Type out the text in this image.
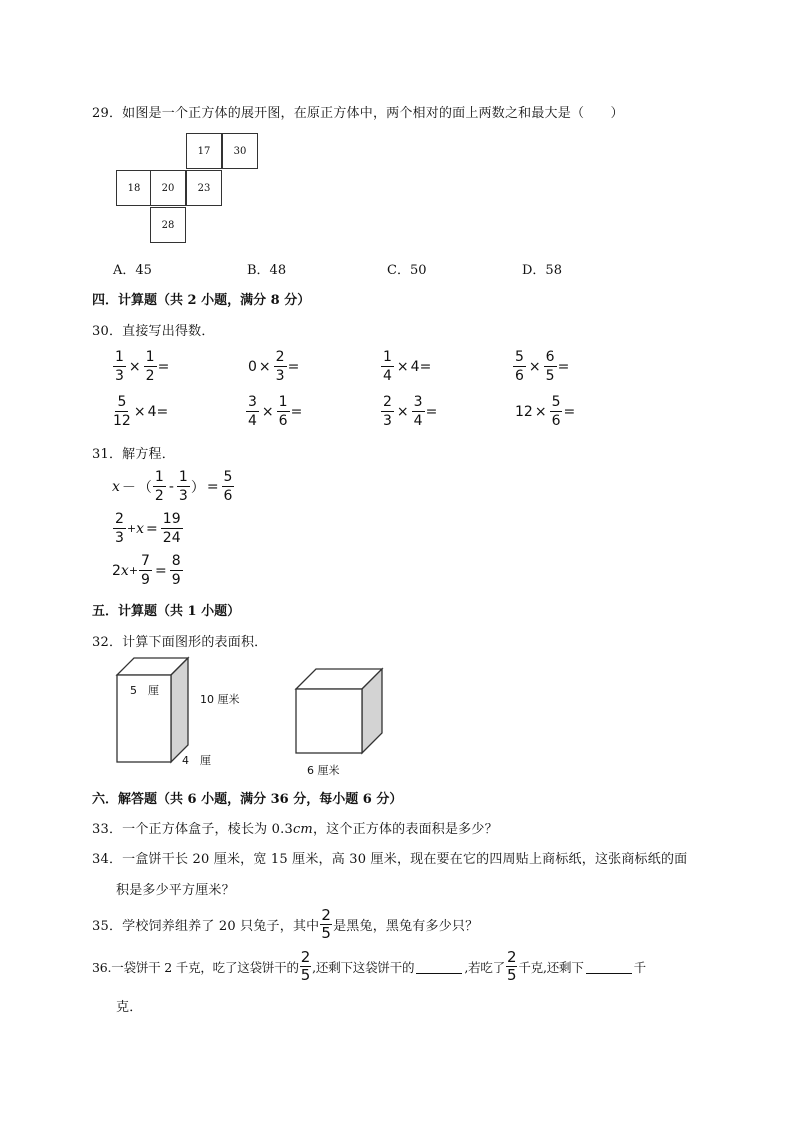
29．如图是一个正方体的展开图，在原正方体中，两个相对的面上两数之和最大是（　　）
17	30
18	20	23
28
A．45	B．48	C．50	D．58
四．计算题（共 2 小题，满分 8 分）
30．直接写出得数．
$\frac{1}{3} \times \frac{1}{2}$ =	$0 \times \frac{2}{3}$ =	$\frac{1}{4} \times 4$ =	$\frac{5}{6} \times \frac{6}{5}$ =
$\frac{5}{12} \times 4$ =	$\frac{3}{4} \times \frac{1}{6}$ =	$\frac{2}{3} \times \frac{3}{4}$ =	$12 \times \frac{5}{6}$ =
31．解方程．
x － （ $\frac{1}{2} - \frac{1}{3}$ ） = $\frac{5}{6}$
$\frac{2}{3} + x = \frac{19}{24}$
2 $x + \frac{7}{9} = \frac{8}{9}$
五．计算题（共 1 小题）
32．计算下面图形的表面积．
5　厘
10 厘米
4　厘
6 厘米
六．解答题（共 6 小题，满分 36 分，每小题 6 分）
33．一个正方体盒子，棱长为 0.3cm，这个正方体的表面积是多少？
34．一盒饼干长 20 厘米，宽 15 厘米，高 30 厘米，现在要在它的四周贴上商标纸，这张商标纸的面
积是多少平方厘米？
35．学校饲养组养了 20 只兔子，其中 $\frac{2}{5}$ 是黑兔，黑兔有多少只？
36.一袋饼干 2 千克，吃了这袋饼干的 $\frac{2}{5}$ ,还剩下这袋饼干的	,若吃了 $\frac{2}{5}$ 千克,还剩下	千
克．
